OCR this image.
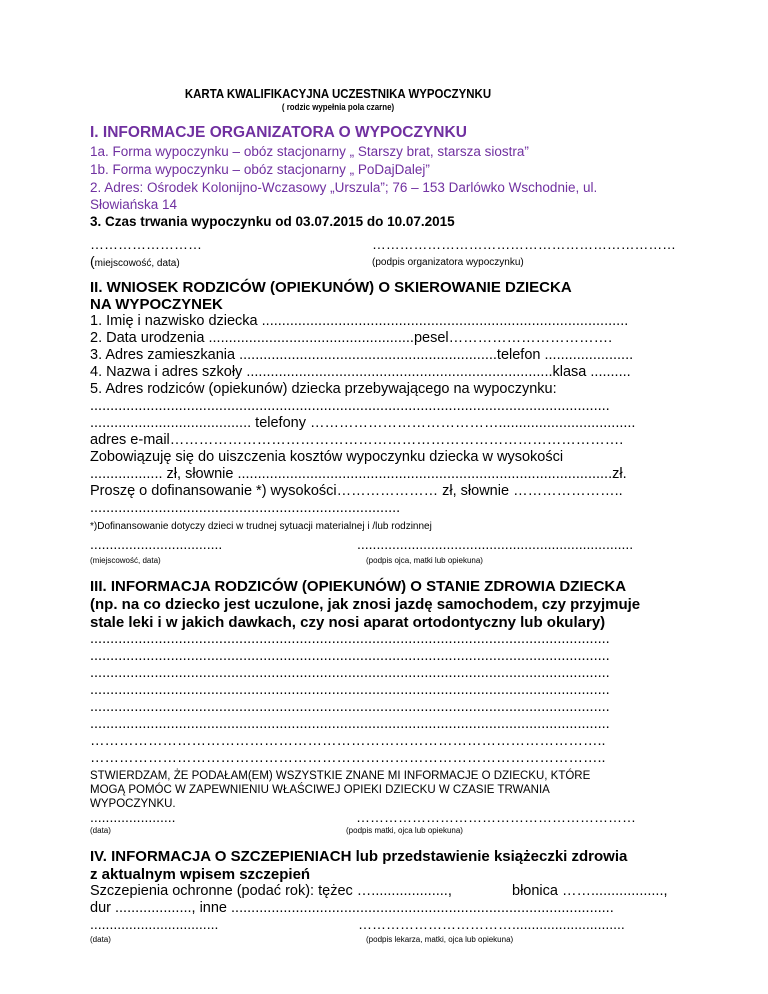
KARTA KWALIFIKACYJNA UCZESTNIKA WYPOCZYNKU
( rodzic wypełnia pola czarne)
I. INFORMACJE ORGANIZATORA O WYPOCZYNKU
1a. Forma wypoczynku – obóz stacjonarny „ Starszy brat, starsza siostra”
1b. Forma wypoczynku – obóz stacjonarny „ PoDajDalej”
2. Adres: Ośrodek Kolonijno-Wczasowy „Urszula”; 76 – 153 Darlówko Wschodnie, ul.
Słowiańska 14
3. Czas trwania wypoczynku od 03.07.2015 do 10.07.2015
……………………	…………………………………………………………
(miejscowość, data)	(podpis organizatora wypoczynku)
II. WNIOSEK RODZICÓW (OPIEKUNÓW) O SKIEROWANIE DZIECKA
NA WYPOCZYNEK
1. Imię i nazwisko dziecka ...........................................................................................
2. Data urodzenia ...................................................pesel…………………………….
3. Adres zamieszkania ................................................................telefon ......................
4. Nazwa i adres szkoły ............................................................................klasa ..........
5. Adres rodziców (opiekunów) dziecka przebywającego na wypoczynku:
.................................................................................................................................
........................................ telefony …………………………………..................................
adres e-mail………………………………………………………………………………….
Zobowiązuję się do uiszczenia kosztów wypoczynku dziecka w wysokości
.................. zł, słownie .............................................................................................zł.
Proszę o dofinansowanie *) wysokości………………… zł, słownie …………………..
.............................................................................
*)Dofinansowanie dotyczy dzieci w trudnej sytuacji materialnej i /lub rodzinnej
..................................	.......................................................................
(miejscowość, data)	(podpis ojca, matki lub opiekuna)
III. INFORMACJA RODZICÓW (OPIEKUNÓW) O STANIE ZDROWIA DZIECKA
(np. na co dziecko jest uczulone, jak znosi jazdę samochodem, czy przyjmuje
stale leki i w jakich dawkach, czy nosi aparat ortodontyczny lub okulary)
.................................................................................................................................
.................................................................................................................................
.................................................................................................................................
.................................................................................................................................
.................................................................................................................................
.................................................................................................................................
……………………………………………………………………………………………..
……………………………………………………………………………………………..
STWIERDZAM, ŻE PODAŁAM(EM) WSZYSTKIE ZNANE MI INFORMACJE O DZIECKU, KTÓRE
MOGĄ POMÓC W ZAPEWNIENIU WŁAŚCIWEJ OPIEKI DZIECKU W CZASIE TRWANIA
WYPOCZYNKU.
......................	……………………………………………………
(data)	(podpis matki, ojca lub opiekuna)
IV. INFORMACJA O SZCZEPIENIACH lub przedstawienie książeczki zdrowia
z aktualnym wpisem szczepień
Szczepienia ochronne (podać rok): tężec …...................,	błonica ……..................,
dur ..................., inne ...............................................................................................
.................................	…………………………….............................
(data)	(podpis lekarza, matki, ojca lub opiekuna)
